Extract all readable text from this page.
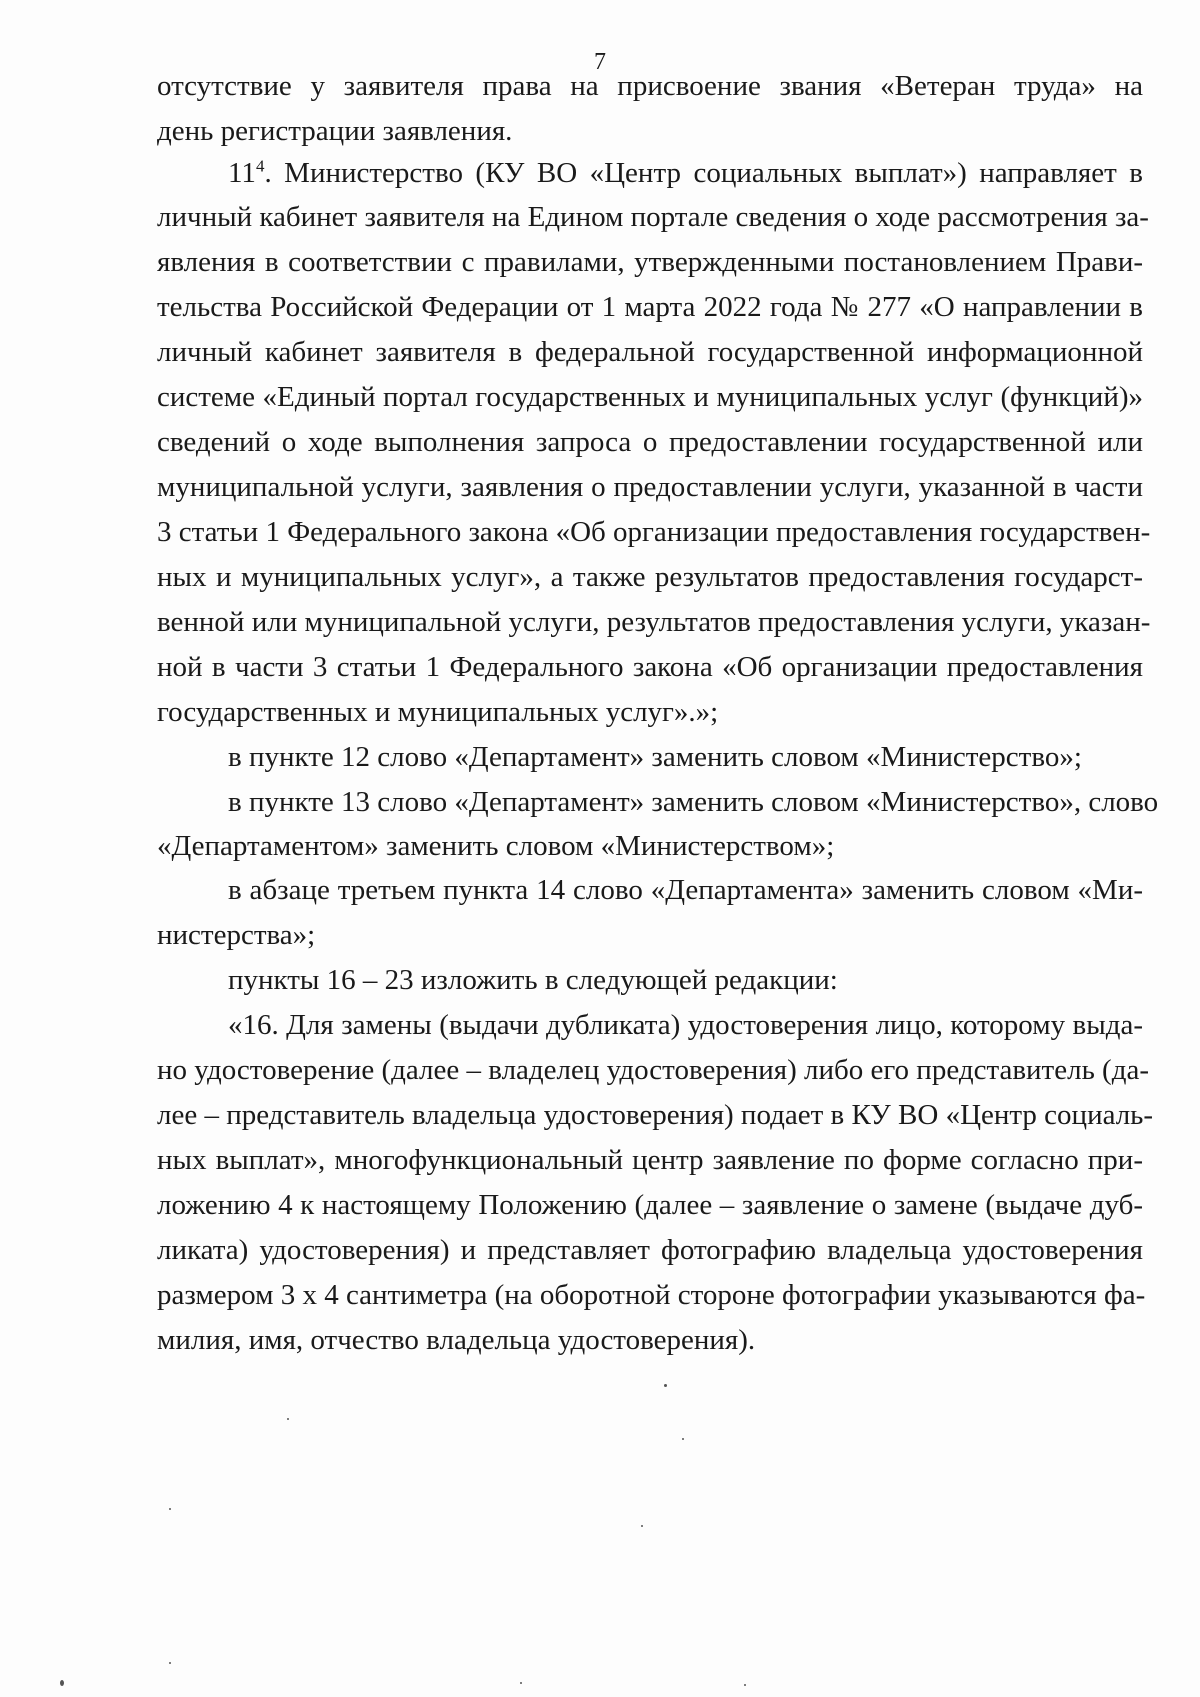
7
отсутствие у заявителя права на присвоение звания «Ветеран труда» на
день регистрации заявления.
$11^4$. Министерство (КУ ВО «Центр социальных выплат») направляет в
личный кабинет заявителя на Едином портале сведения о ходе рассмотрения за-
явления в соответствии с правилами, утвержденными постановлением Прави-
тельства Российской Федерации от 1 марта 2022 года № 277 «О направлении в
личный кабинет заявителя в федеральной государственной информационной
системе «Единый портал государственных и муниципальных услуг (функций)»
сведений о ходе выполнения запроса о предоставлении государственной или
муниципальной услуги, заявления о предоставлении услуги, указанной в части
3 статьи 1 Федерального закона «Об организации предоставления государствен-
ных и муниципальных услуг», а также результатов предоставления государст-
венной или муниципальной услуги, результатов предоставления услуги, указан-
ной в части 3 статьи 1 Федерального закона «Об организации предоставления
государственных и муниципальных услуг».»;
в пункте 12 слово «Департамент» заменить словом «Министерство»;
в пункте 13 слово «Департамент» заменить словом «Министерство», слово
«Департаментом» заменить словом «Министерством»;
в абзаце третьем пункта 14 слово «Департамента» заменить словом «Ми-
нистерства»;
пункты 16 – 23 изложить в следующей редакции:
«16. Для замены (выдачи дубликата) удостоверения лицо, которому выда-
но удостоверение (далее – владелец удостоверения) либо его представитель (да-
лее – представитель владельца удостоверения) подает в КУ ВО «Центр социаль-
ных выплат», многофункциональный центр заявление по форме согласно при-
ложению 4 к настоящему Положению (далее – заявление о замене (выдаче дуб-
ликата) удостоверения) и представляет фотографию владельца удостоверения
размером 3 х 4 сантиметра (на оборотной стороне фотографии указываются фа-
милия, имя, отчество владельца удостоверения).
